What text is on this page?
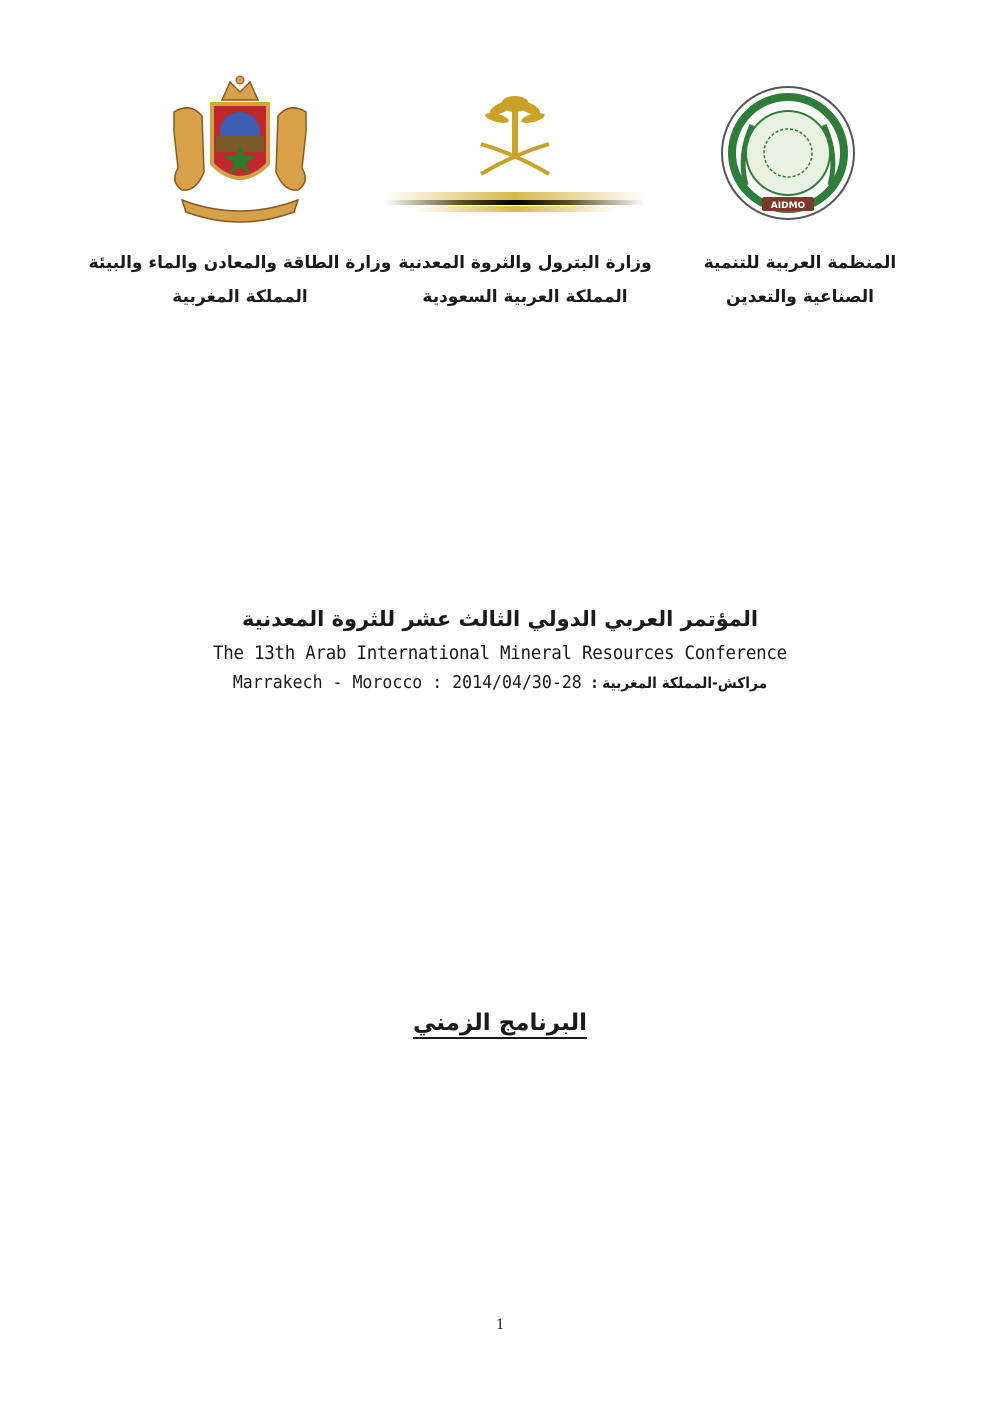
AIDMO
وزارة الطاقة والمعادن والماء والبيئة
المملكة المغربية
وزارة البترول والثروة المعدنية
المملكة العربية السعودية
المنظمة العربية للتنمية
الصناعية والتعدين
المؤتمر العربي الدولي الثالث عشر للثروة المعدنية
The 13th Arab International Mineral Resources Conference
Marrakech - Morocco : 2014/04/30-28 مراكش-المملكة المغربية :
البرنامج الزمني
1
